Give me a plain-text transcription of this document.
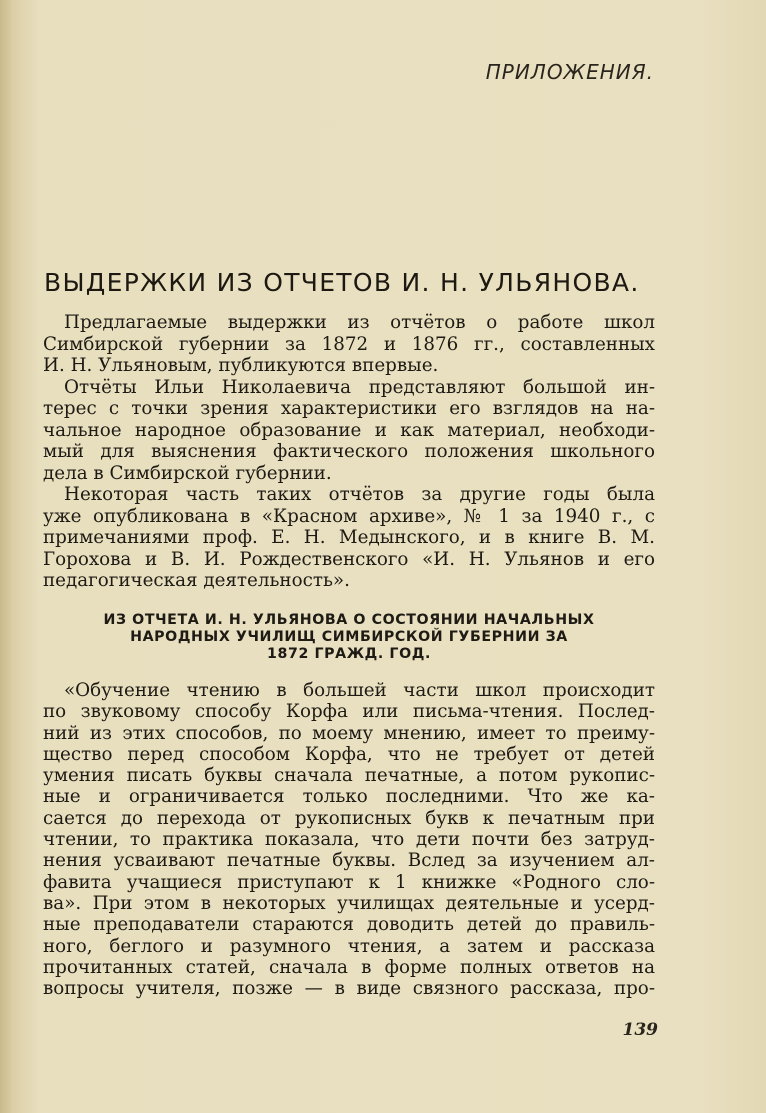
ПРИЛОЖЕНИЯ.
ВЫДЕРЖКИ ИЗ ОТЧЕТОВ И. Н. УЛЬЯНОВА.
Предлагаемые выдержки из отчётов о работе школ
Симбирской губернии за 1872 и 1876 гг., составленных
И. Н. Ульяновым, публикуются впервые.
Отчёты Ильи Николаевича представляют большой ин-
терес с точки зрения характеристики его взглядов на на-
чальное народное образование и как материал, необходи-
мый для выяснения фактического положения школьного
дела в Симбирской губернии.
Некоторая часть таких отчётов за другие годы была
уже опубликована в «Красном архиве», № 1 за 1940 г., с
примечаниями проф. Е. Н. Медынского, и в книге В. М.
Горохова и В. И. Рождественского «И. Н. Ульянов и его
педагогическая деятельность».
ИЗ ОТЧЕТА И. Н. УЛЬЯНОВА О СОСТОЯНИИ НАЧАЛЬНЫХ
НАРОДНЫХ УЧИЛИЩ СИМБИРСКОЙ ГУБЕРНИИ ЗА
1872 ГРАЖД. ГОД.
«Обучение чтению в большей части школ происходит
по звуковому способу Корфа или письма-чтения. Послед-
ний из этих способов, по моему мнению, имеет то преиму-
щество перед способом Корфа, что не требует от детей
умения писать буквы сначала печатные, а потом рукопис-
ные и ограничивается только последними. Что же ка-
сается до перехода от рукописных букв к печатным при
чтении, то практика показала, что дети почти без затруд-
нения усваивают печатные буквы. Вслед за изучением ал-
фавита учащиеся приступают к 1 книжке «Родного сло-
ва». При этом в некоторых училищах деятельные и усерд-
ные преподаватели стараются доводить детей до правиль-
ного, беглого и разумного чтения, а затем и рассказа
прочитанных статей, сначала в форме полных ответов на
вопросы учителя, позже — в виде связного рассказа, про-
139
